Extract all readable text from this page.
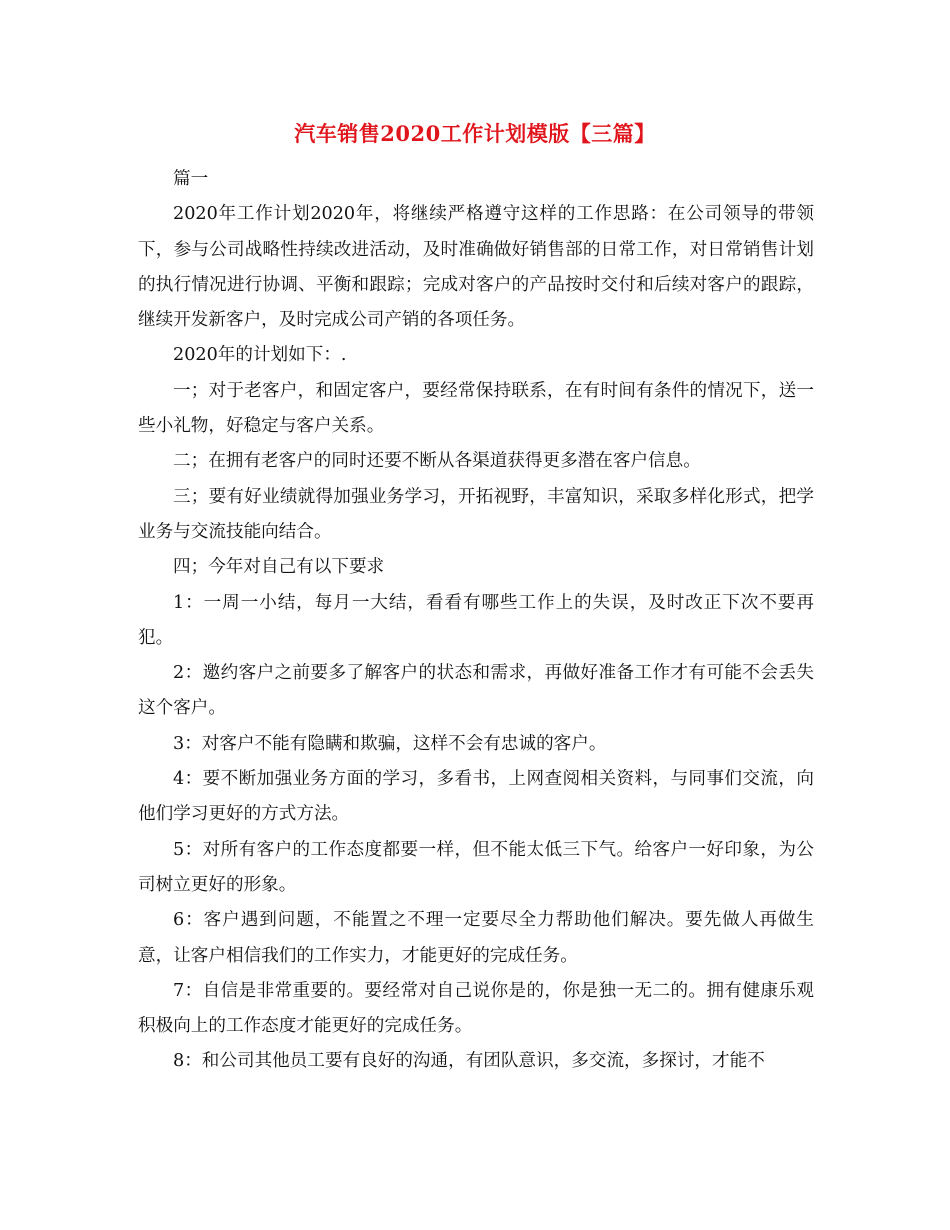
汽车销售2020工作计划模版【三篇】

篇一

2020年工作计划2020年，将继续严格遵守这样的工作思路：在公司领导的带领下，参与公司战略性持续改进活动，及时准确做好销售部的日常工作，对日常销售计划的执行情况进行协调、平衡和跟踪；完成对客户的产品按时交付和后续对客户的跟踪，继续开发新客户，及时完成公司产销的各项任务。

2020年的计划如下：.

一；对于老客户，和固定客户，要经常保持联系，在有时间有条件的情况下，送一些小礼物，好稳定与客户关系。

二；在拥有老客户的同时还要不断从各渠道获得更多潜在客户信息。

三；要有好业绩就得加强业务学习，开拓视野，丰富知识，采取多样化形式，把学业务与交流技能向结合。

四；今年对自己有以下要求

1：一周一小结，每月一大结，看看有哪些工作上的失误，及时改正下次不要再犯。

2：邀约客户之前要多了解客户的状态和需求，再做好准备工作才有可能不会丢失这个客户。

3：对客户不能有隐瞒和欺骗，这样不会有忠诚的客户。

4：要不断加强业务方面的学习，多看书，上网查阅相关资料，与同事们交流，向他们学习更好的方式方法。

5：对所有客户的工作态度都要一样，但不能太低三下气。给客户一好印象，为公司树立更好的形象。

6：客户遇到问题，不能置之不理一定要尽全力帮助他们解决。要先做人再做生意，让客户相信我们的工作实力，才能更好的完成任务。

7：自信是非常重要的。要经常对自己说你是的，你是独一无二的。拥有健康乐观积极向上的工作态度才能更好的完成任务。

8：和公司其他员工要有良好的沟通，有团队意识，多交流，多探讨，才能不
